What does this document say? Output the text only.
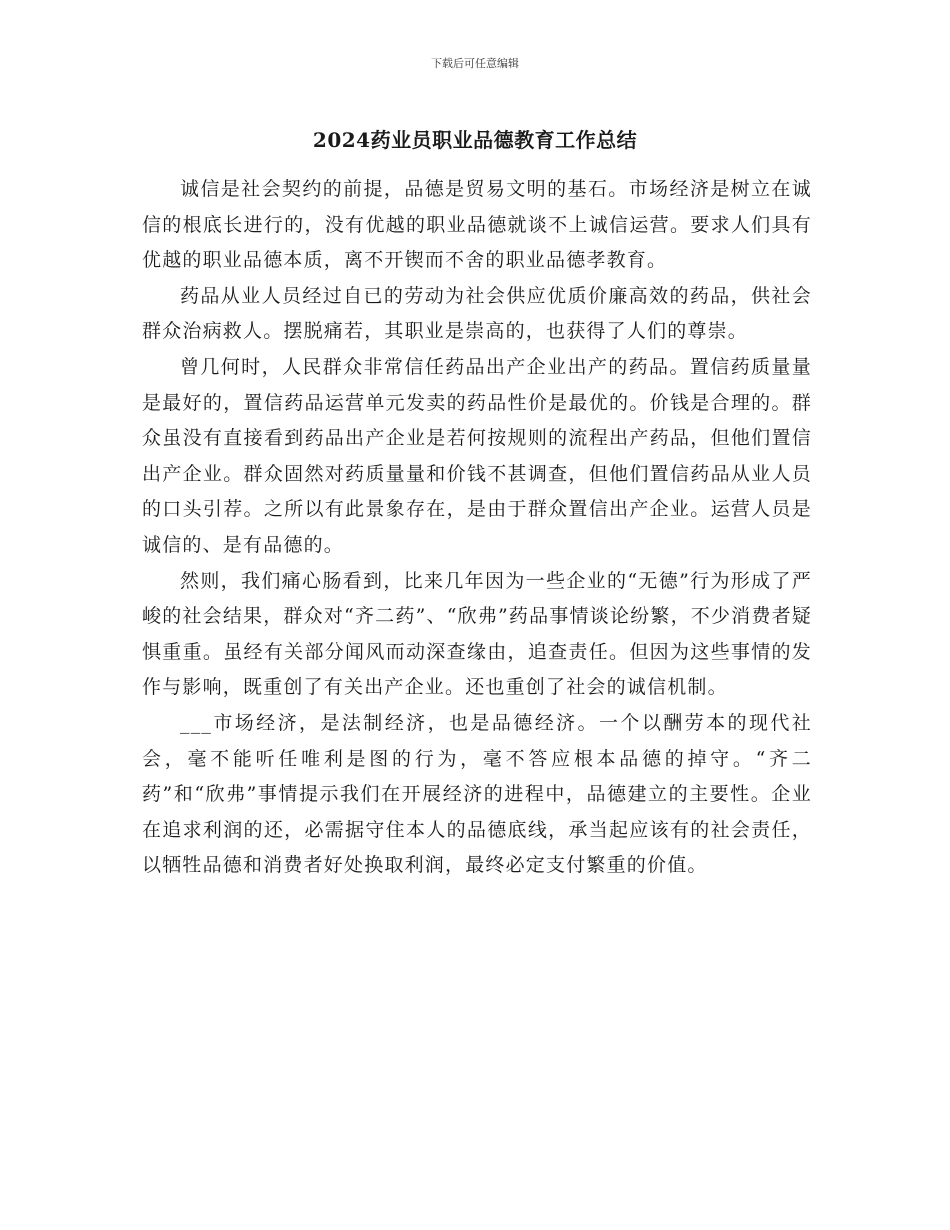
下载后可任意编辑
2024药业员职业品德教育工作总结

诚信是社会契约的前提，品德是贸易文明的基石。市场经济是树立在诚信的根底长进行的，没有优越的职业品德就谈不上诚信运营。要求人们具有优越的职业品德本质，离不开锲而不舍的职业品德孝教育。

药品从业人员经过自已的劳动为社会供应优质价廉高效的药品，供社会群众治病救人。摆脱痛若，其职业是崇高的，也获得了人们的尊崇。

曾几何时，人民群众非常信任药品出产企业出产的药品。置信药质量量是最好的，置信药品运营单元发卖的药品性价是最优的。价钱是合理的。群众虽没有直接看到药品出产企业是若何按规则的流程出产药品，但他们置信出产企业。群众固然对药质量量和价钱不甚调查，但他们置信药品从业人员的口头引荐。之所以有此景象存在，是由于群众置信出产企业。运营人员是诚信的、是有品德的。

然则，我们痛心肠看到，比来几年因为一些企业的“无德”行为形成了严峻的社会结果，群众对“齐二药”、“欣弗”药品事情谈论纷繁，不少消费者疑惧重重。虽经有关部分闻风而动深查缘由，追查责任。但因为这些事情的发作与影响，既重创了有关出产企业。还也重创了社会的诚信机制。

___市场经济，是法制经济，也是品德经济。一个以酬劳本的现代社会，毫不能听任唯利是图的行为，毫不答应根本品德的掉守。“齐二药”和“欣弗”事情提示我们在开展经济的进程中，品德建立的主要性。企业在追求利润的还，必需据守住本人的品德底线，承当起应该有的社会责任，以牺牲品德和消费者好处换取利润，最终必定支付繁重的价值。
